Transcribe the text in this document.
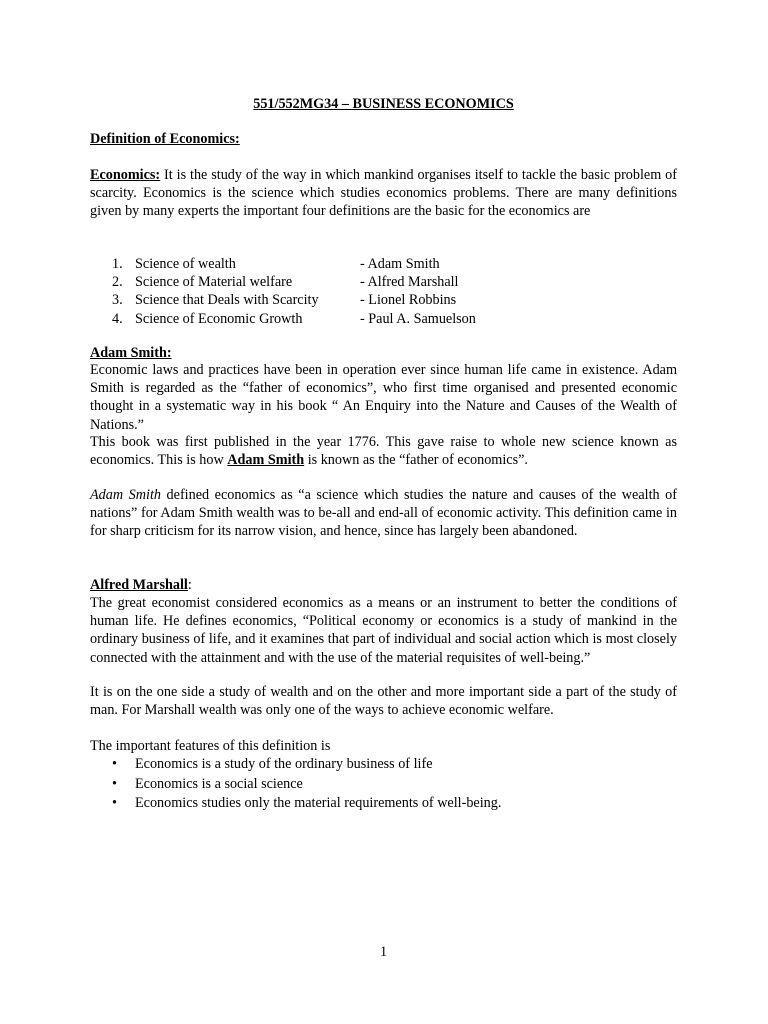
551/552MG34 – BUSINESS ECONOMICS

Definition of Economics:

Economics: It is the study of the way in which mankind organises itself to tackle the basic problem of scarcity. Economics is the science which studies economics problems. There are many definitions given by many experts the important four definitions are the basic for the economics are

1. Science of wealth	- Adam Smith
2. Science of Material welfare	- Alfred Marshall
3. Science that Deals with Scarcity	- Lionel Robbins
4. Science of Economic Growth	- Paul A. Samuelson

Adam Smith:

Economic laws and practices have been in operation ever since human life came in existence. Adam Smith is regarded as the “father of economics”, who first time organised and presented economic thought in a systematic way in his book “ An Enquiry into the Nature and Causes of the Wealth of Nations.”

This book was first published in the year 1776. This gave raise to whole new science known as economics. This is how Adam Smith is known as the “father of economics”.

Adam Smith defined economics as “a science which studies the nature and causes of the wealth of nations” for Adam Smith wealth was to be-all and end-all of economic activity. This definition came in for sharp criticism for its narrow vision, and hence, since has largely been abandoned.

Alfred Marshall:

The great economist considered economics as a means or an instrument to better the conditions of human life. He defines economics, “Political economy or economics is a study of mankind in the ordinary business of life, and it examines that part of individual and social action which is most closely connected with the attainment and with the use of the material requisites of well-being.”

It is on the one side a study of wealth and on the other and more important side a part of the study of man. For Marshall wealth was only one of the ways to achieve economic welfare.

The important features of this definition is

• Economics is a study of the ordinary business of life
• Economics is a social science
• Economics studies only the material requirements of well-being.

1
